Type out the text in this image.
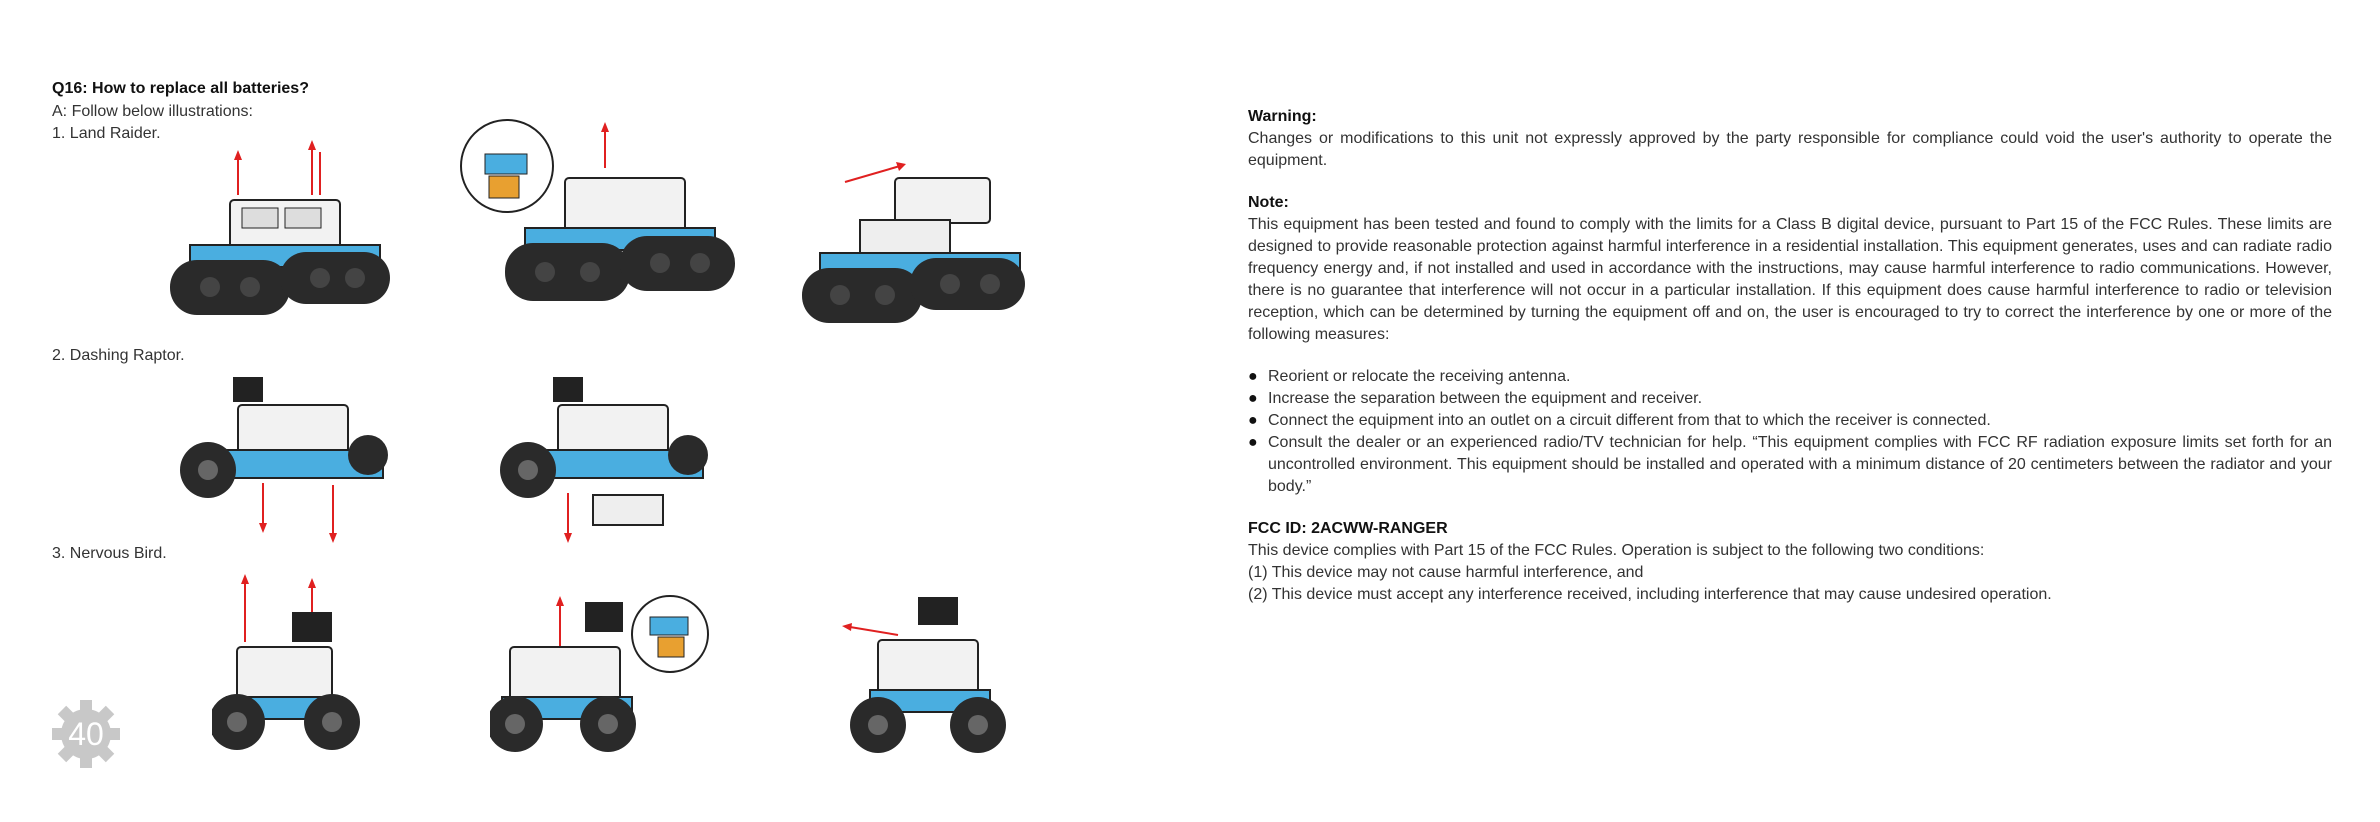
Q16: How to replace all batteries?
A: Follow below illustrations:
1. Land Raider.
2. Dashing Raptor.
3. Nervous Bird.
40

Warning:

Changes or modifications to this unit not expressly approved by the party responsible for compliance could void the user's authority to operate the equipment.

Note:

This equipment has been tested and found to comply with the limits for a Class B digital device, pursuant to Part 15 of the FCC Rules. These limits are designed to provide reasonable protection against harmful interference in a residential installation. This equipment generates, uses and can radiate radio frequency energy and, if not installed and used in accordance with the instructions, may cause harmful interference to radio communications. However, there is no guarantee that interference will not occur in a particular installation. If this equipment does cause harmful interference to radio or television reception, which can be determined by turning the equipment off and on, the user is encouraged to try to correct the interference by one or more of the following measures:

● Reorient or relocate the receiving antenna.

● Increase the separation between the equipment and receiver.

● Connect the equipment into an outlet on a circuit different from that to which the receiver is connected.

● Consult the dealer or an experienced radio/TV technician for help. “This equipment complies with FCC RF radiation exposure limits set forth for an uncontrolled environment. This equipment should be installed and operated with a minimum distance of 20 centimeters between the radiator and your body.”

FCC ID: 2ACWW-RANGER

This device complies with Part 15 of the FCC Rules. Operation is subject to the following two conditions:

(1) This device may not cause harmful interference, and

(2) This device must accept any interference received, including interference that may cause undesired operation.
